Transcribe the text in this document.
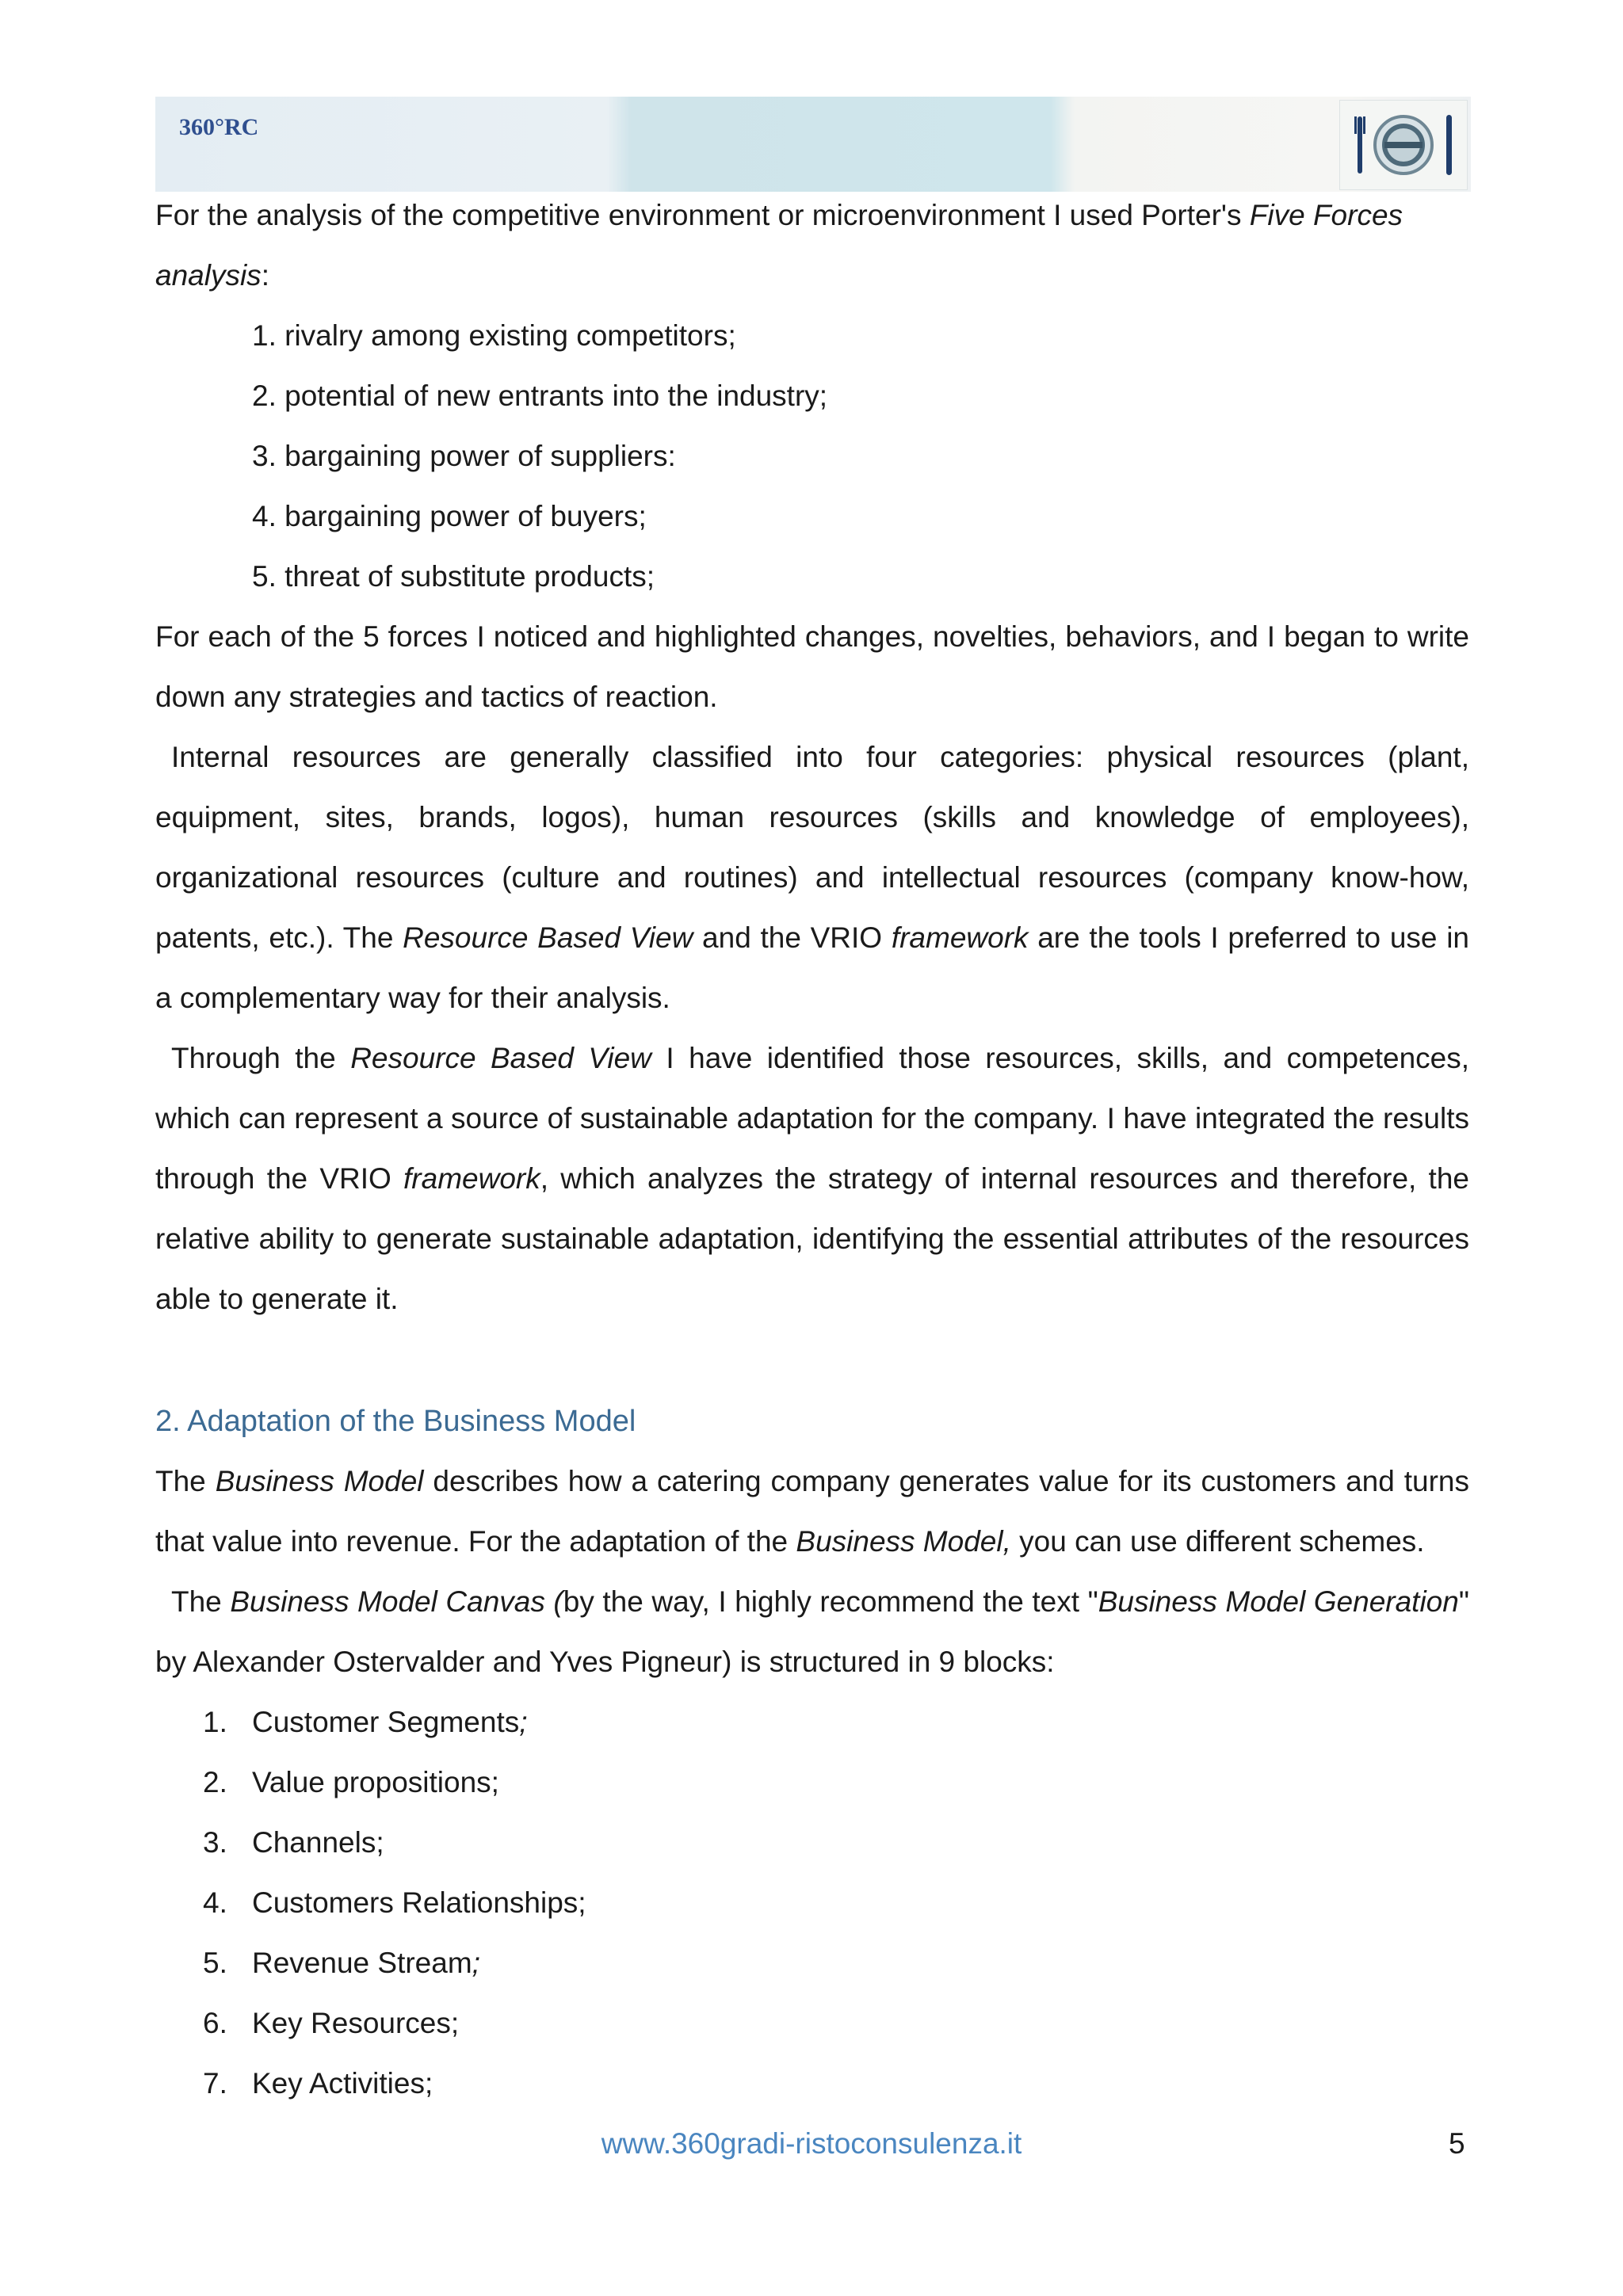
360°RC
For the analysis of the competitive environment or microenvironment I used Porter's Five Forces
analysis:
1. rivalry among existing competitors;
2. potential of new entrants into the industry;
3. bargaining power of suppliers:
4. bargaining power of buyers;
5. threat of substitute products;
For each of the 5 forces I noticed and highlighted changes, novelties, behaviors, and I began to write down any strategies and tactics of reaction.
Internal resources are generally classified into four categories: physical resources (plant, equipment, sites, brands, logos), human resources (skills and knowledge of employees), organizational resources (culture and routines) and intellectual resources (company know-how, patents, etc.). The Resource Based View and the VRIO framework are the tools I preferred to use in a complementary way for their analysis.
Through the Resource Based View I have identified those resources, skills, and competences, which can represent a source of sustainable adaptation for the company. I have integrated the results through the VRIO framework, which analyzes the strategy of internal resources and therefore, the relative ability to generate sustainable adaptation, identifying the essential attributes of the resources able to generate it.
2. Adaptation of the Business Model
The Business Model describes how a catering company generates value for its customers and turns that value into revenue. For the adaptation of the Business Model, you can use different schemes.
The Business Model Canvas (by the way, I highly recommend the text "Business Model Generation" by Alexander Ostervalder and Yves Pigneur) is structured in 9 blocks:
1. Customer Segments;
2. Value propositions;
3. Channels;
4. Customers Relationships;
5. Revenue Stream;
6. Key Resources;
7. Key Activities;
www.360gradi-ristoconsulenza.it	5
